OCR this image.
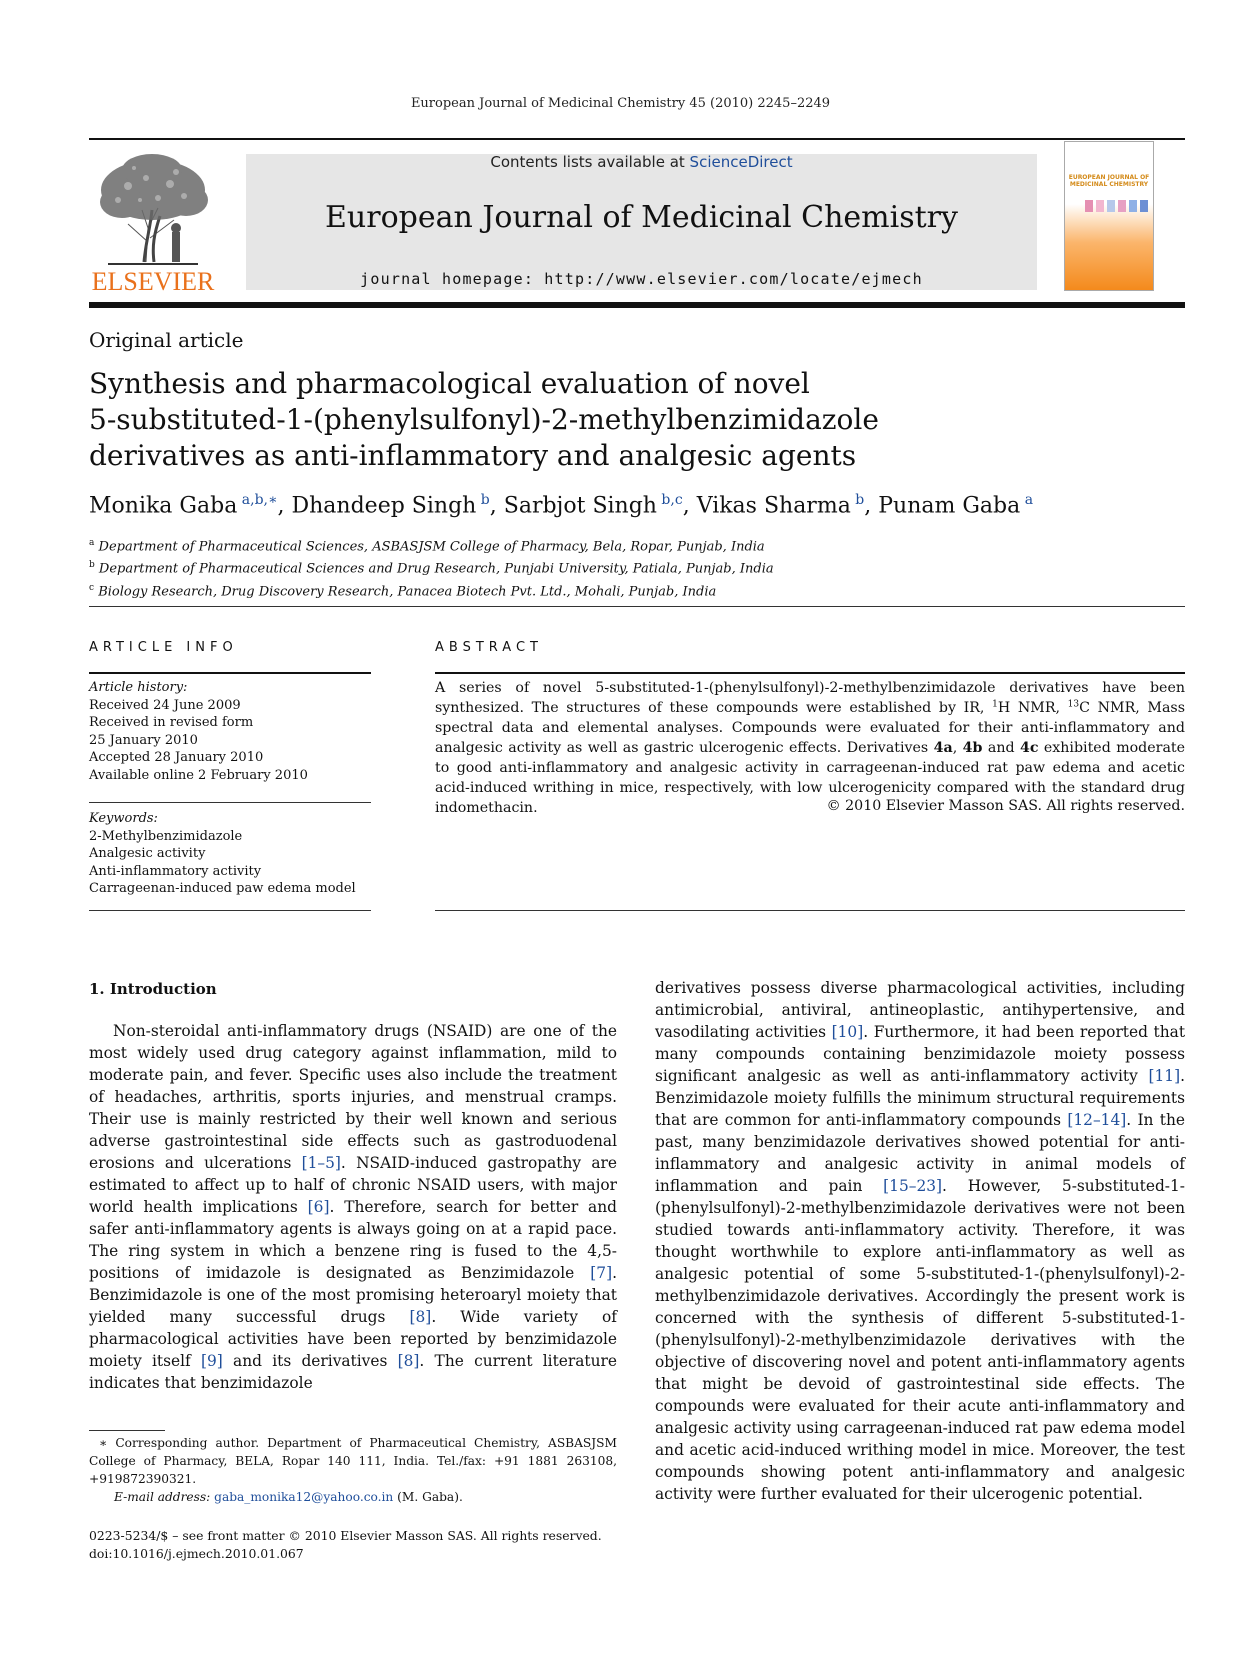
European Journal of Medicinal Chemistry 45 (2010) 2245–2249
ELSEVIER
Contents lists available at ScienceDirect
European Journal of Medicinal Chemistry
journal homepage: http://www.elsevier.com/locate/ejmech
EUROPEAN JOURNAL OF MEDICINAL CHEMISTRY
Original article
Synthesis and pharmacological evaluation of novel
5-substituted-1-(phenylsulfonyl)-2-methylbenzimidazole
derivatives as anti-inflammatory and analgesic agents
Monika Gaba $^{a,b,∗}$, Dhandeep Singh $^b$, Sarbjot Singh $^{b,c}$, Vikas Sharma $^b$, Punam Gaba $^a$
$^a$ Department of Pharmaceutical Sciences, ASBASJSM College of Pharmacy, Bela, Ropar, Punjab, India
$^b$ Department of Pharmaceutical Sciences and Drug Research, Punjabi University, Patiala, Punjab, India
$^c$ Biology Research, Drug Discovery Research, Panacea Biotech Pvt. Ltd., Mohali, Punjab, India
ARTICLE INFO
Article history:
Received 24 June 2009
Received in revised form
25 January 2010
Accepted 28 January 2010
Available online 2 February 2010
Keywords:
2-Methylbenzimidazole
Analgesic activity
Anti-inflammatory activity
Carrageenan-induced paw edema model
ABSTRACT
A series of novel 5-substituted-1-(phenylsulfonyl)-2-methylbenzimidazole derivatives have been synthesized. The structures of these compounds were established by IR, $^1$H NMR, $^{13}$C NMR, Mass spectral data and elemental analyses. Compounds were evaluated for their anti-inflammatory and analgesic activity as well as gastric ulcerogenic effects. Derivatives 4a, 4b and 4c exhibited moderate to good anti-inflammatory and analgesic activity in carrageenan-induced rat paw edema and acetic acid-induced writhing in mice, respectively, with low ulcerogenicity compared with the standard drug indomethacin.	© 2010 Elsevier Masson SAS. All rights reserved.
1. Introduction
Non-steroidal anti-inflammatory drugs (NSAID) are one of the most widely used drug category against inflammation, mild to moderate pain, and fever. Specific uses also include the treatment of headaches, arthritis, sports injuries, and menstrual cramps. Their use is mainly restricted by their well known and serious adverse gastrointestinal side effects such as gastroduodenal erosions and ulcerations [1–5]. NSAID-induced gastropathy are estimated to affect up to half of chronic NSAID users, with major world health implications [6]. Therefore, search for better and safer anti-inflammatory agents is always going on at a rapid pace. The ring system in which a benzene ring is fused to the 4,5-positions of imidazole is designated as Benzimidazole [7]. Benzimidazole is one of the most promising heteroaryl moiety that yielded many successful drugs [8]. Wide variety of pharmacological activities have been reported by benzimidazole moiety itself [9] and its derivatives [8]. The current literature indicates that benzimidazole
derivatives possess diverse pharmacological activities, including antimicrobial, antiviral, antineoplastic, antihypertensive, and vasodilating activities [10]. Furthermore, it had been reported that many compounds containing benzimidazole moiety possess significant analgesic as well as anti-inflammatory activity [11]. Benzimidazole moiety fulfills the minimum structural requirements that are common for anti-inflammatory compounds [12–14]. In the past, many benzimidazole derivatives showed potential for anti-inflammatory and analgesic activity in animal models of inflammation and pain [15–23]. However, 5-substituted-1-(phenylsulfonyl)-2-methylbenzimidazole derivatives were not been studied towards anti-inflammatory activity. Therefore, it was thought worthwhile to explore anti-inflammatory as well as analgesic potential of some 5-substituted-1-(phenylsulfonyl)-2-methylbenzimidazole derivatives. Accordingly the present work is concerned with the synthesis of different 5-substituted-1-(phenylsulfonyl)-2-methylbenzimidazole derivatives with the objective of discovering novel and potent anti-inflammatory agents that might be devoid of gastrointestinal side effects. The compounds were evaluated for their acute anti-inflammatory and analgesic activity using carrageenan-induced rat paw edema model and acetic acid-induced writhing model in mice. Moreover, the test compounds showing potent anti-inflammatory and analgesic activity were further evaluated for their ulcerogenic potential.
∗ Corresponding author. Department of Pharmaceutical Chemistry, ASBASJSM College of Pharmacy, BELA, Ropar 140 111, India. Tel./fax: +91 1881 263108, +919872390321.
E-mail address: gaba_monika12@yahoo.co.in (M. Gaba).
0223-5234/$ – see front matter © 2010 Elsevier Masson SAS. All rights reserved.
doi:10.1016/j.ejmech.2010.01.067
